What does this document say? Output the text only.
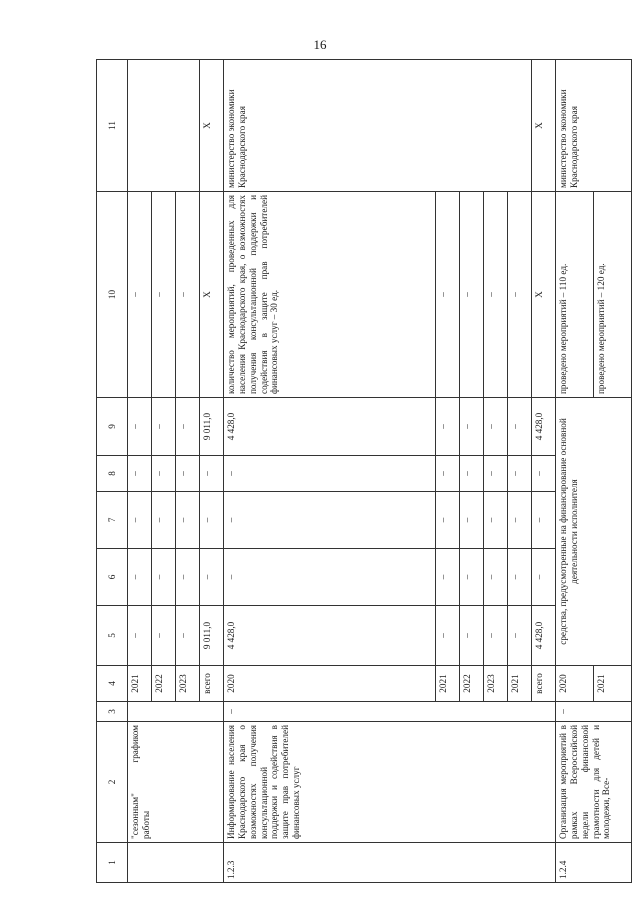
16
1	2	3	4	5	6	7	8	9	10	11
	"сезонным" графиком работы		2021	–	–	–	–	–	–	
			2022	–	–	–	–	–	–	
			2023	–	–	–	–	–	–	
			всего	9 011,0	–	–	–	9 011,0	Х	Х
1.2.3	Информирование населения Краснодарского края о возможностях получения консультационной поддержки и содействия в защите прав потребителей финансовых услуг	–	2020	4 428,0	–	–	–	4 428,0	количество мероприятий, проведенных для населения Краснодарского края, о возможностях получения консультационной поддержки и содействия в защите прав потребителей финансовых услуг – 30 ед.	министерство экономики Краснодарского края
			2021	–	–	–	–	–	–	
			2022	–	–	–	–	–	–	
			2023	–	–	–	–	–	–	
			2021	–	–	–	–	–	–	
			всего	4 428,0	–	–	–	4 428,0	Х	Х
1.2.4	Организация мероприятий в рамках Всероссийской недели финансовой грамотности для детей и молодежи, Все-	–	2020	средства, предусмотренные на финансирование основной деятельности исполнителя					проведено мероприятий – 110 ед.	министерство экономики Краснодарского края
			2021						проведено мероприятий – 120 ед.	
